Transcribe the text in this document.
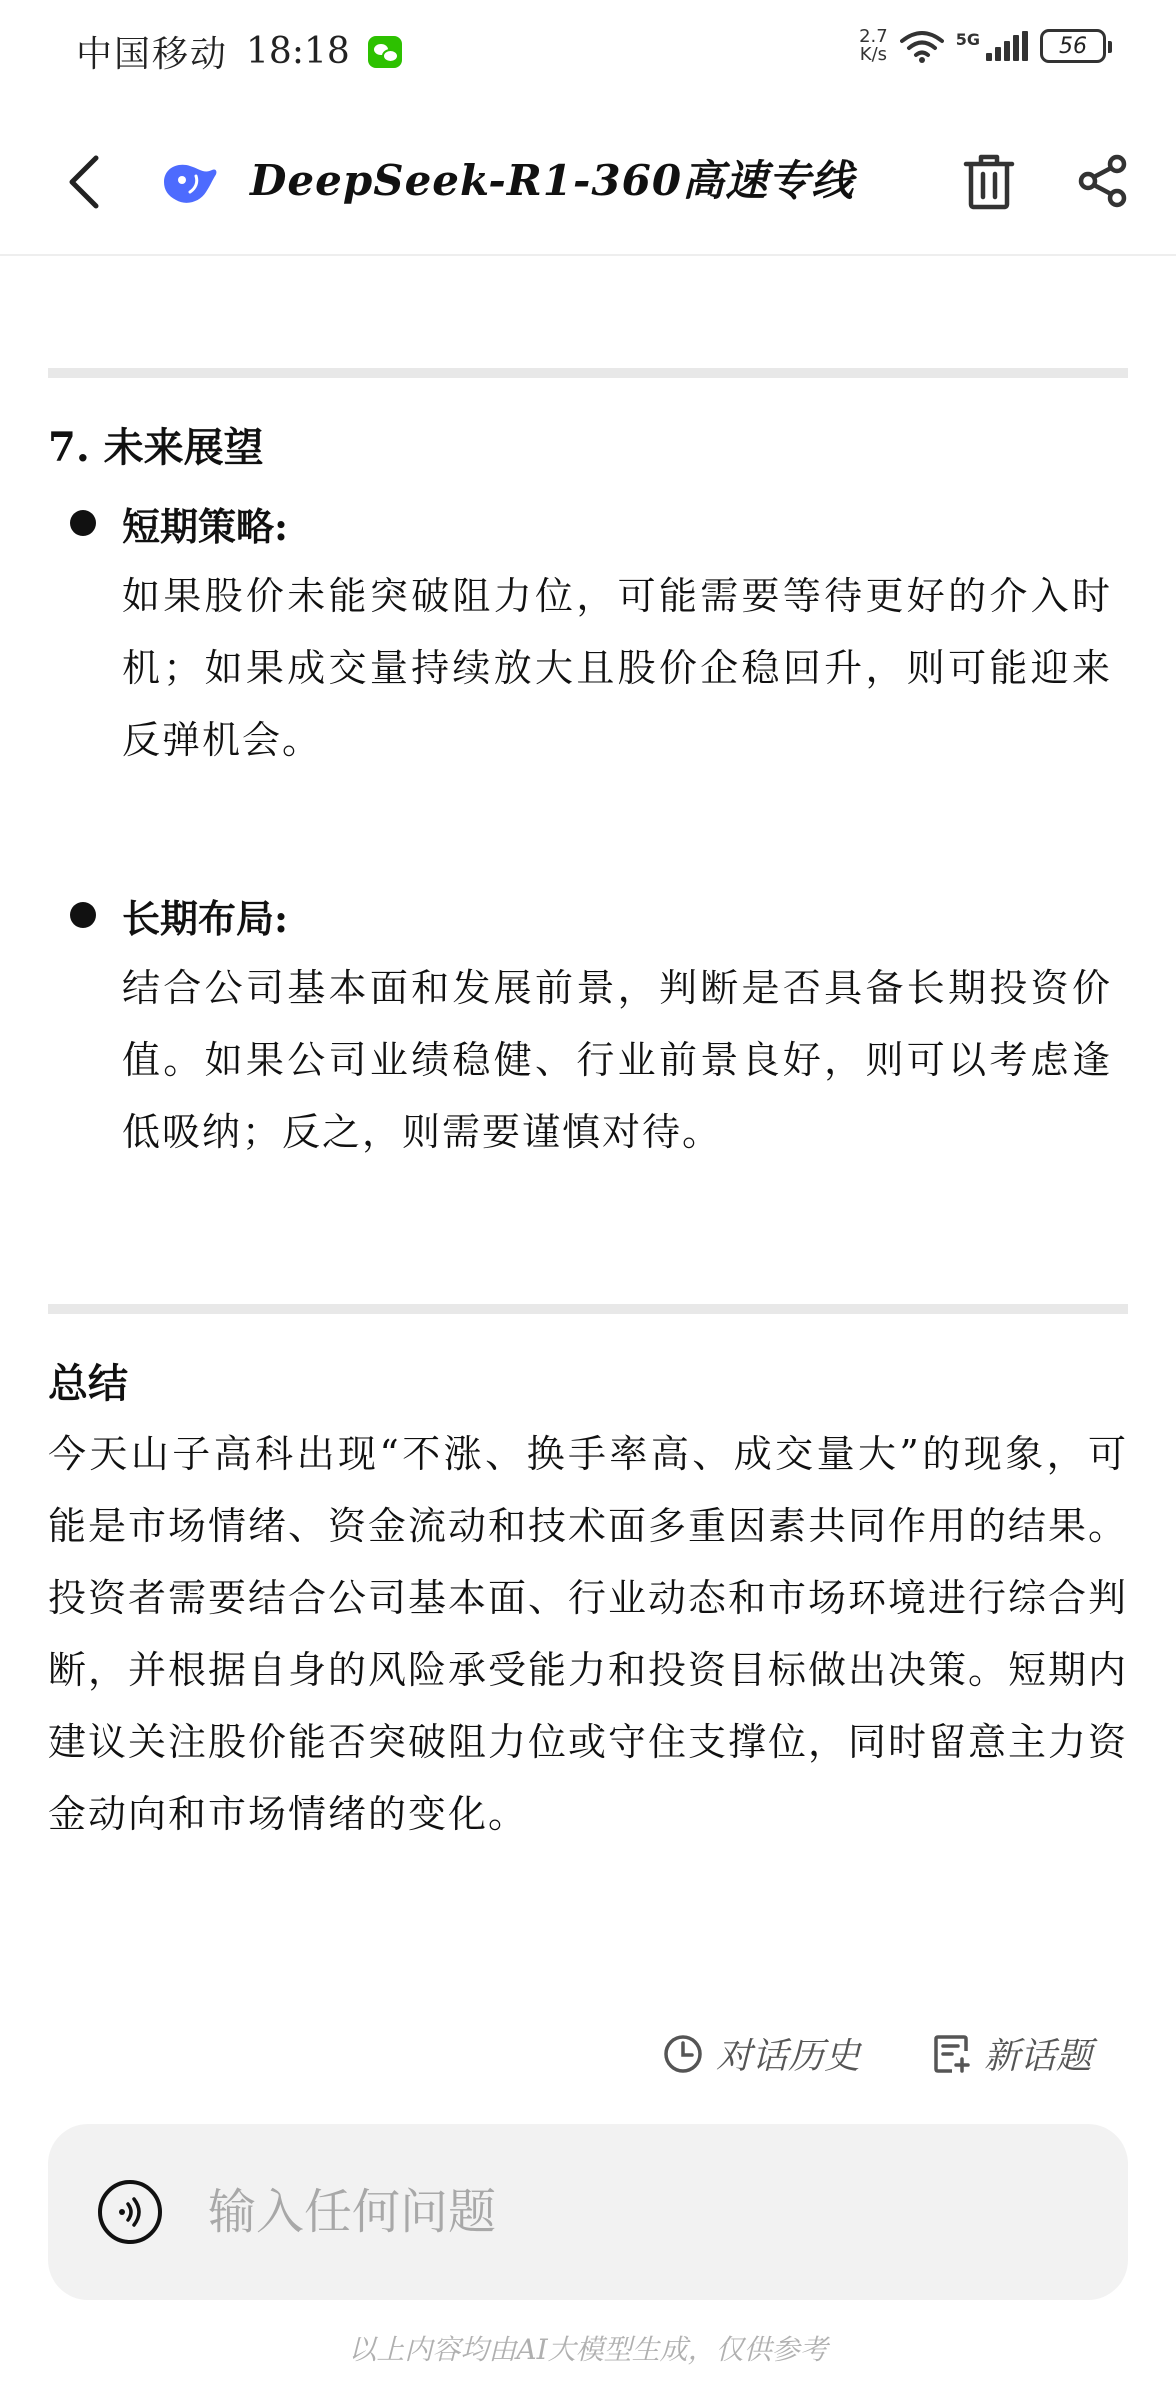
中国移动 18:18	2.7
K/s
5G	56
DeepSeek-R1-360高速专线
7. 未来展望
短期策略:
如果股价未能突破阻力位，可能需要等待更好的介入时机；如果成交量持续放大且股价企稳回升，则可能迎来反弹机会。
长期布局:
结合公司基本面和发展前景，判断是否具备长期投资价值。如果公司业绩稳健、行业前景良好，则可以考虑逢低吸纳；反之，则需要谨慎对待。
总结
今天山子高科出现“不涨、换手率高、成交量大”的现象，可能是市场情绪、资金流动和技术面多重因素共同作用的结果。投资者需要结合公司基本面、行业动态和市场环境进行综合判断，并根据自身的风险承受能力和投资目标做出决策。短期内建议关注股价能否突破阻力位或守住支撑位，同时留意主力资金动向和市场情绪的变化。
对话历史	新话题
输入任何问题
以上内容均由AI大模型生成，仅供参考
